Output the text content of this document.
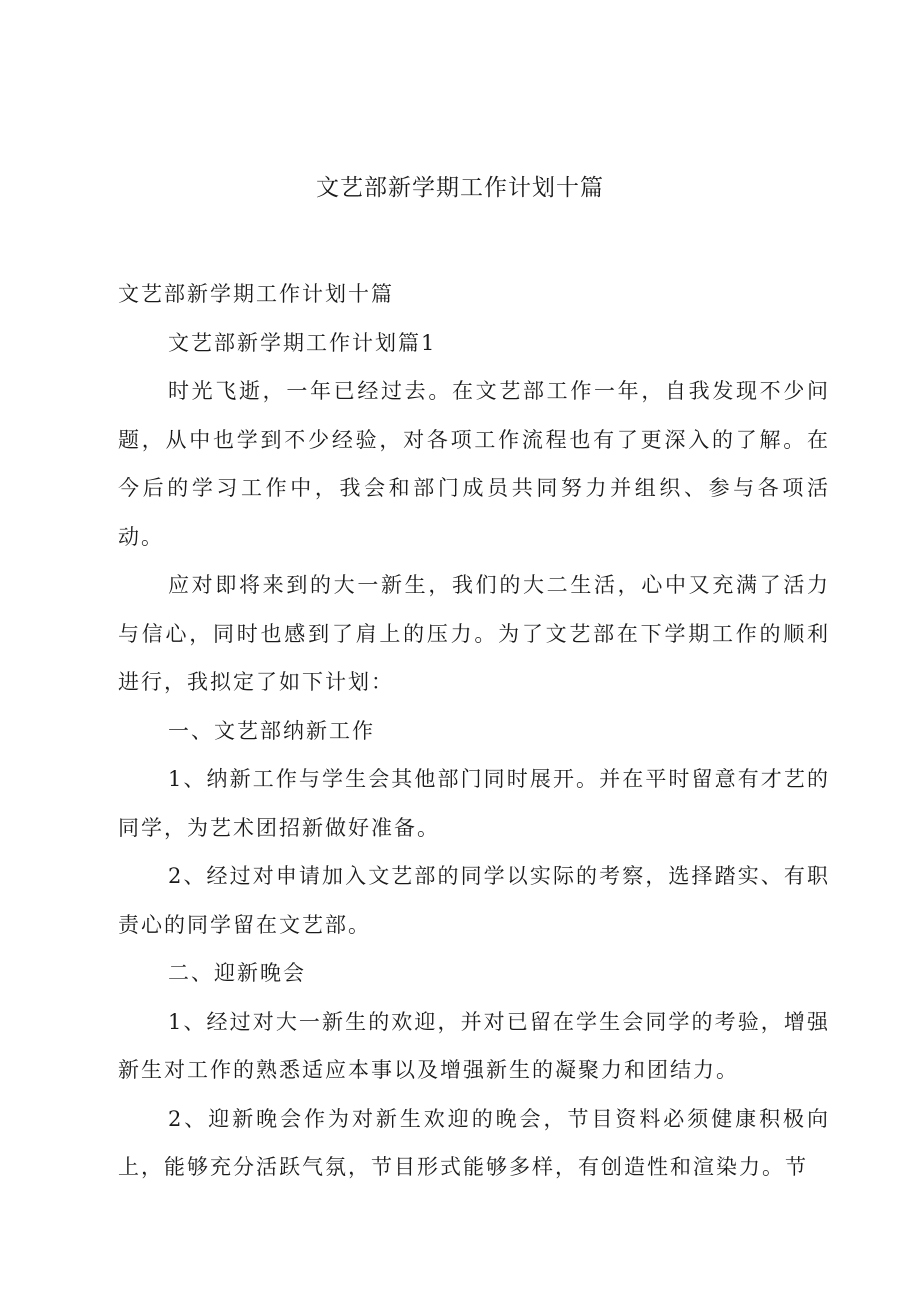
文艺部新学期工作计划十篇

文艺部新学期工作计划十篇

文艺部新学期工作计划篇1

时光飞逝，一年已经过去。在文艺部工作一年，自我发现不少问题，从中也学到不少经验，对各项工作流程也有了更深入的了解。在今后的学习工作中，我会和部门成员共同努力并组织、参与各项活动。

应对即将来到的大一新生，我们的大二生活，心中又充满了活力与信心，同时也感到了肩上的压力。为了文艺部在下学期工作的顺利进行，我拟定了如下计划：

一、文艺部纳新工作

1、纳新工作与学生会其他部门同时展开。并在平时留意有才艺的同学，为艺术团招新做好准备。

2、经过对申请加入文艺部的同学以实际的考察，选择踏实、有职责心的同学留在文艺部。

二、迎新晚会

1、经过对大一新生的欢迎，并对已留在学生会同学的考验，增强新生对工作的熟悉适应本事以及增强新生的凝聚力和团结力。

2、迎新晚会作为对新生欢迎的晚会，节目资料必须健康积极向上，能够充分活跃气氛，节目形式能够多样，有创造性和渲染力。节
